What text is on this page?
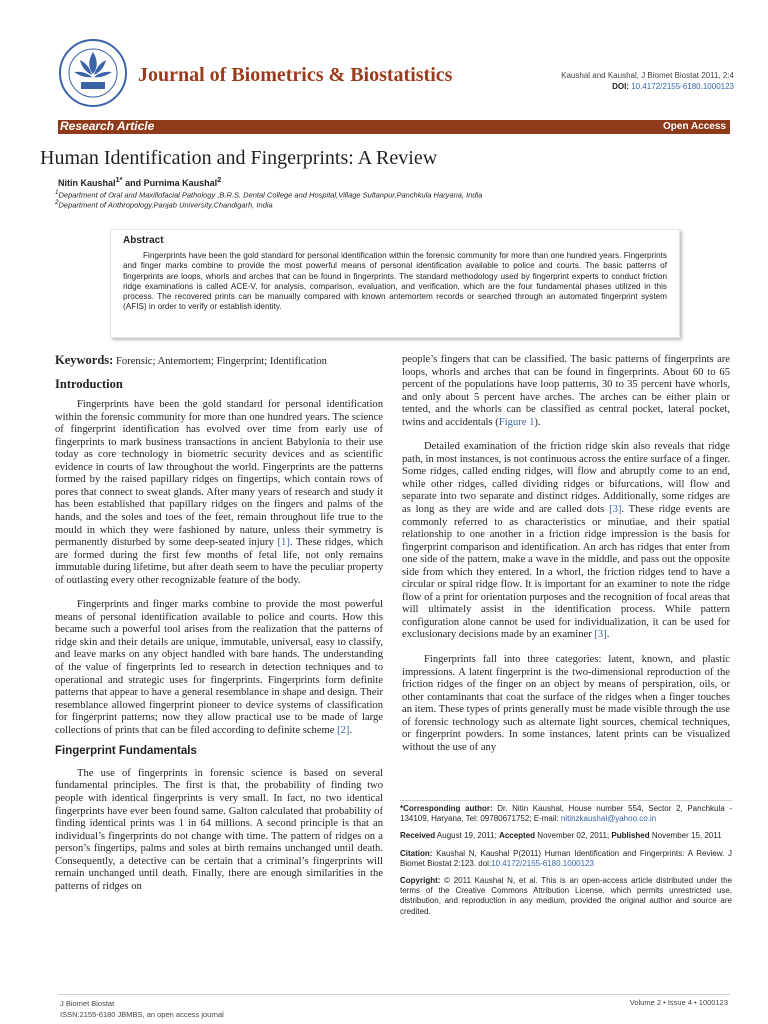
Journal of Biometrics & Biostatistics	Kaushal and Kaushal, J Biomet Biostat 2011, 2:4
DOI: 10.4172/2155-6180.1000123
Research Article	Open Access
Human Identification and Fingerprints: A Review
Nitin Kaushal$^{1*}$ and Purnima Kaushal$^2$
$^1$Department of Oral and Maxillofacial Pathology ,B.R.S. Dental College and Hospital,Village Sultanpur,Panchkula Haryana, India
$^2$Department of Anthropology,Panjab University,Chandigarh, India
Abstract
Fingerprints have been the gold standard for personal identification within the forensic community for more than one hundred years. Fingerprints and finger marks combine to provide the most powerful means of personal identification available to police and courts. The basic patterns of fingerprints are loops, whorls and arches that can be found in fingerprints. The standard methodology used by fingerprint experts to conduct friction ridge examinations is called ACE-V, for analysis, comparison, evaluation, and verification, which are the four fundamental phases utilized in this process. The recovered prints can be manually compared with known antemortem records or searched through an automated fingerprint system (AFIS) in order to verify or establish identity.

Keywords: Forensic; Antemortem; Fingerprint; Identification

Introduction

Fingerprints have been the gold standard for personal identification within the forensic community for more than one hundred years. The science of fingerprint identification has evolved over time from early use of fingerprints to mark business transactions in ancient Babylonia to their use today as core technology in biometric security devices and as scientific evidence in courts of law throughout the world. Fingerprints are the patterns formed by the raised papillary ridges on fingertips, which contain rows of pores that connect to sweat glands. After many years of research and study it has been established that papillary ridges on the fingers and palms of the hands, and the soles and toes of the feet, remain throughout life true to the mould in which they were fashioned by nature, unless their symmetry is permanently disturbed by some deep-seated injury [1]. These ridges, which are formed during the first few months of fetal life, not only remains immutable during lifetime, but after death seem to have the peculiar property of outlasting every other recognizable feature of the body.

Fingerprints and finger marks combine to provide the most powerful means of personal identification available to police and courts. How this became such a powerful tool arises from the realization that the patterns of ridge skin and their details are unique, immutable, universal, easy to classify, and leave marks on any object handled with bare hands. The understanding of the value of fingerprints led to research in detection techniques and to operational and strategic uses for fingerprints. Fingerprints form definite patterns that appear to have a general resemblance in shape and design. Their resemblance allowed fingerprint pioneer to device systems of classification for fingerprint patterns; now they allow practical use to be made of large collections of prints that can be filed according to definite scheme [2].

Fingerprint Fundamentals

The use of fingerprints in forensic science is based on several fundamental principles. The first is that, the probability of finding two people with identical fingerprints is very small. In fact, no two identical fingerprints have ever been found same. Galton calculated that probability of finding identical prints was 1 in 64 millions. A second principle is that an individual’s fingerprints do not change with time. The pattern of ridges on a person’s fingertips, palms and soles at birth remains unchanged until death. Consequently, a detective can be certain that a criminal’s fingerprints will remain unchanged until death. Finally, there are enough similarities in the patterns of ridges on

people’s fingers that can be classified. The basic patterns of fingerprints are loops, whorls and arches that can be found in fingerprints. About 60 to 65 percent of the populations have loop patterns, 30 to 35 percent have whorls, and only about 5 percent have arches. The arches can be either plain or tented, and the whorls can be classified as central pocket, lateral pocket, twins and accidentals (Figure 1).

Detailed examination of the friction ridge skin also reveals that ridge path, in most instances, is not continuous across the entire surface of a finger. Some ridges, called ending ridges, will flow and abruptly come to an end, while other ridges, called dividing ridges or bifurcations, will flow and separate into two separate and distinct ridges. Additionally, some ridges are as long as they are wide and are called dots [3]. These ridge events are commonly referred to as characteristics or minutiae, and their spatial relationship to one another in a friction ridge impression is the basis for fingerprint comparison and identification. An arch has ridges that enter from one side of the pattern, make a wave in the middle, and pass out the opposite side from which they entered. In a whorl, the friction ridges tend to have a circular or spiral ridge flow. It is important for an examiner to note the ridge flow of a print for orientation purposes and the recognition of focal areas that will ultimately assist in the identification process. While pattern configuration alone cannot be used for individualization, it can be used for exclusionary decisions made by an examiner [3].

Fingerprints fall into three categories: latent, known, and plastic impressions. A latent fingerprint is the two-dimensional reproduction of the friction ridges of the finger on an object by means of perspiration, oils, or other contaminants that coat the surface of the ridges when a finger touches an item. These types of prints generally must be made visible through the use of forensic technology such as alternate light sources, chemical techniques, or fingerprint powders. In some instances, latent prints can be visualized without the use of any

*Corresponding author: Dr. Nitin Kaushal, House number 554, Sector 2, Panchkula - 134109, Haryana, Tel: 09780671752; E-mail: nitinzkaushal@yahoo.co.in

Received August 19, 2011; Accepted November 02, 2011; Published November 15, 2011

Citation: Kaushal N, Kaushal P(2011) Human Identification and Fingerprints: A Review. J Biomet Biostat 2:123. doi:10.4172/2155-6180.1000123

Copyright: © 2011 Kaushal N, et al. This is an open-access article distributed under the terms of the Creative Commons Attribution License, which permits unrestricted use, distribution, and reproduction in any medium, provided the original author and source are credited.

J Biomet Biostat
ISSN:2155-6180 JBMBS, an open access journal
Volume 2 • Issue 4 • 1000123
